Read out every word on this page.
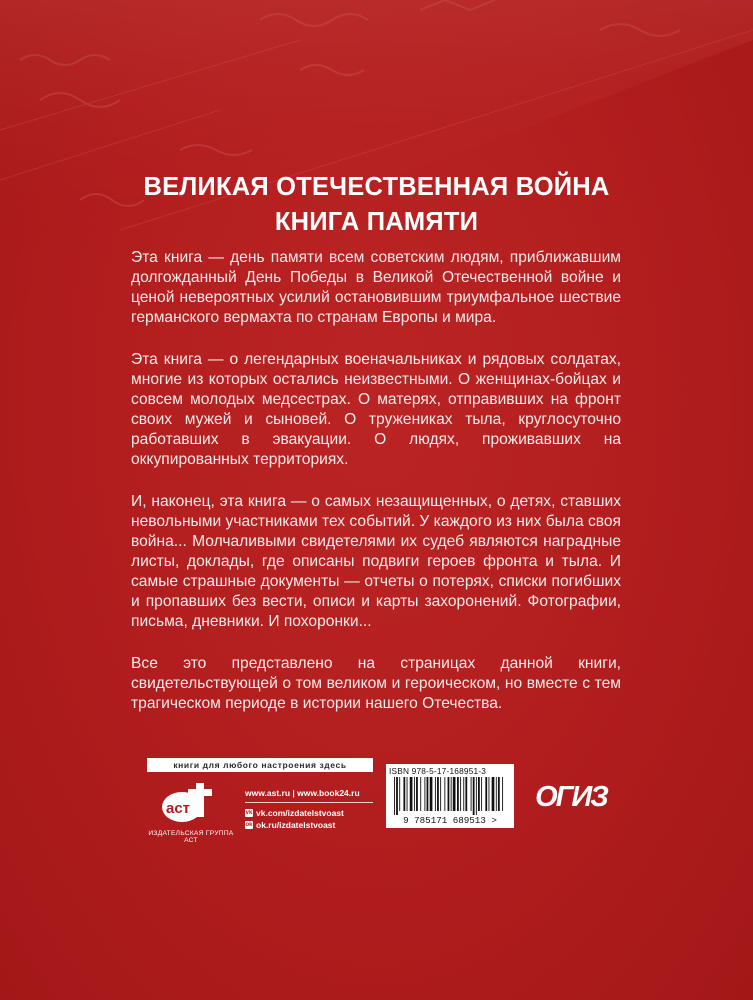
ВЕЛИКАЯ ОТЕЧЕСТВЕННАЯ ВОЙНА
КНИГА ПАМЯТИ

Эта книга — день памяти всем советским людям, приближавшим долгожданный День Победы в Великой Отечественной войне и ценой невероятных усилий остановившим триумфальное шествие германского вермахта по странам Европы и мира.

Эта книга — о легендарных военачальниках и рядовых солдатах, многие из которых остались неизвестными. О женщинах-бойцах и совсем молодых медсестрах. О матерях, отправивших на фронт своих мужей и сыновей. О тружениках тыла, круглосуточно работавших в эвакуации. О людях, проживавших на оккупированных территориях.

И, наконец, эта книга — о самых незащищенных, о детях, ставших невольными участниками тех событий. У каждого из них была своя война... Молчаливыми свидетелями их судеб являются наградные листы, доклады, где описаны подвиги героев фронта и тыла. И самые страшные документы — отчеты о потерях, списки погибших и пропавших без вести, описи и карты захоронений. Фотографии, письма, дневники. И похоронки...

Все это представлено на страницах данной книги, свидетельствующей о том великом и героическом, но вместе с тем трагическом периоде в истории нашего Отечества.

книги для любого настроения здесь
аст
ИЗДАТЕЛЬСКАЯ ГРУППА АСТ
www.ast.ru | www.book24.ru
vk vk.com/izdatelstvoast
ok ok.ru/izdatelstvoast
ISBN 978-5-17-168951-3
9 785171 689513 >
ОГИЗ
